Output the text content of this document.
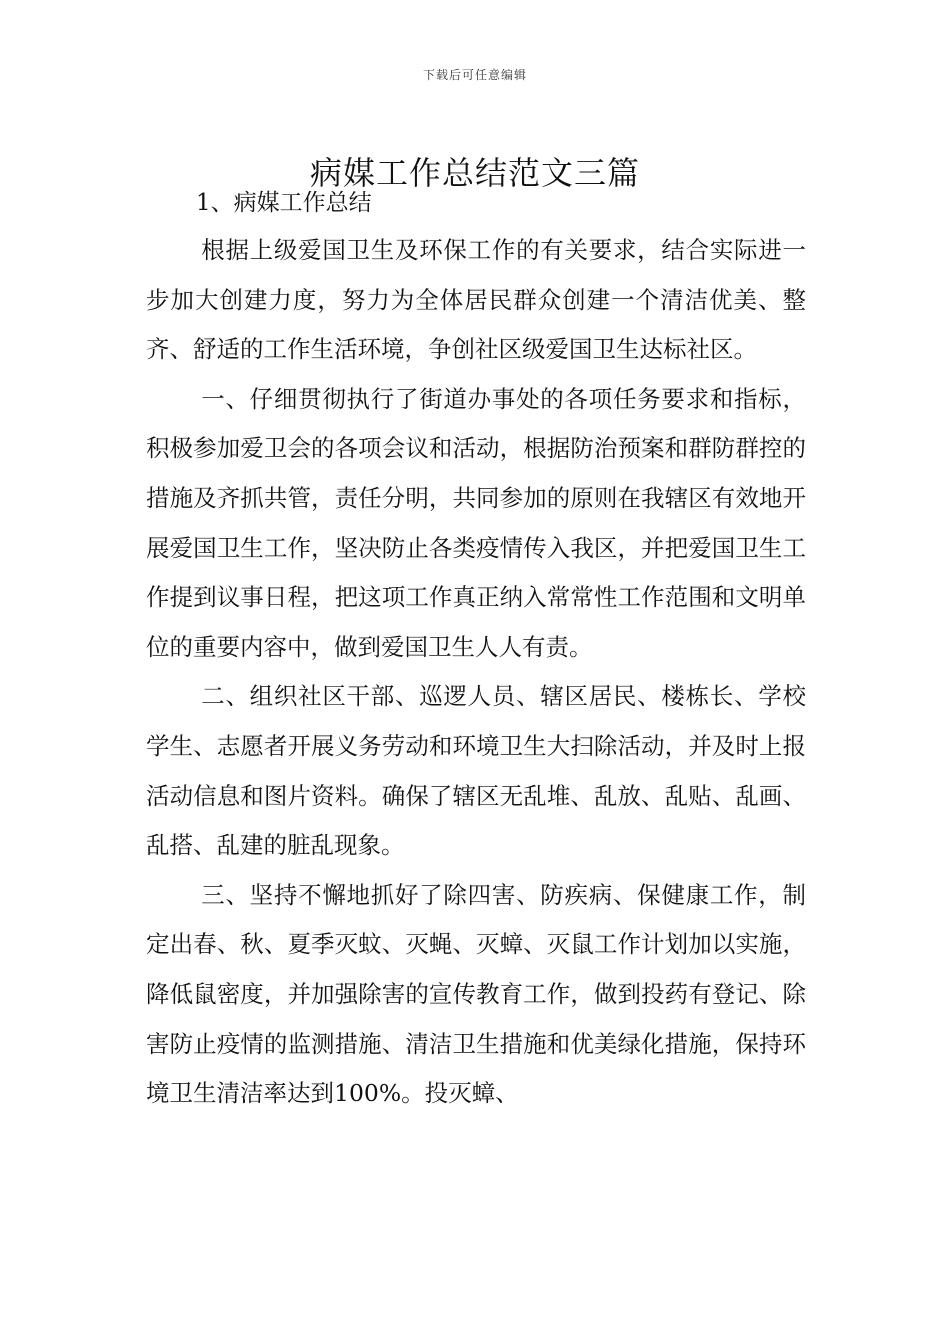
下载后可任意编辑
病媒工作总结范文三篇
1、病媒工作总结

根据上级爱国卫生及环保工作的有关要求，结合实际进一步加大创建力度，努力为全体居民群众创建一个清洁优美、整齐、舒适的工作生活环境，争创社区级爱国卫生达标社区。

一、仔细贯彻执行了街道办事处的各项任务要求和指标，积极参加爱卫会的各项会议和活动，根据防治预案和群防群控的措施及齐抓共管，责任分明，共同参加的原则在我辖区有效地开展爱国卫生工作，坚决防止各类疫情传入我区，并把爱国卫生工作提到议事日程，把这项工作真正纳入常常性工作范围和文明单位的重要内容中，做到爱国卫生人人有责。

二、组织社区干部、巡逻人员、辖区居民、楼栋长、学校学生、志愿者开展义务劳动和环境卫生大扫除活动，并及时上报活动信息和图片资料。确保了辖区无乱堆、乱放、乱贴、乱画、乱搭、乱建的脏乱现象。

三、坚持不懈地抓好了除四害、防疾病、保健康工作，制定出春、秋、夏季灭蚊、灭蝇、灭蟑、灭鼠工作计划加以实施，降低鼠密度，并加强除害的宣传教育工作，做到投药有登记、除害防止疫情的监测措施、清洁卫生措施和优美绿化措施，保持环境卫生清洁率达到100%。投灭蟑、
